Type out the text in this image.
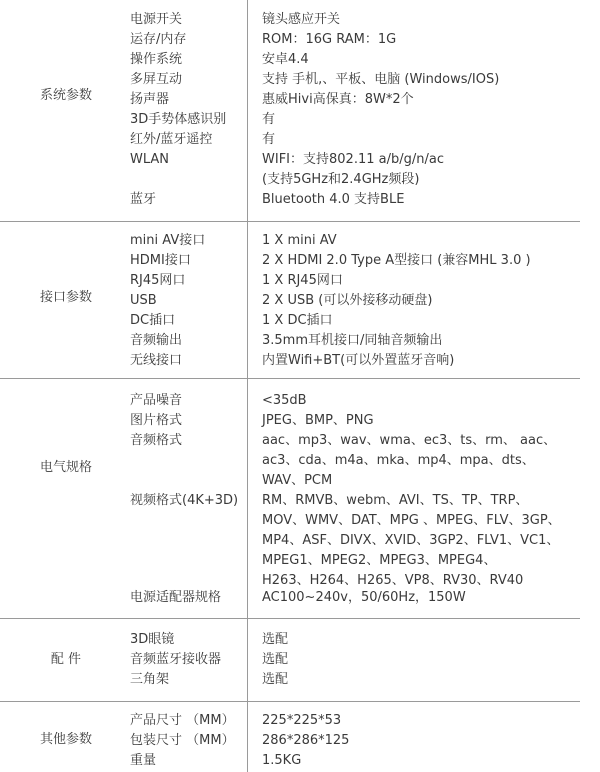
系统参数
电源开关	镜头感应开关
运存/内存	ROM：16G RAM：1G
操作系统	安卓4.4
多屏互动	支持 手机,、平板、电脑 (Windows/IOS)
扬声器	惠威Hivi高保真：8W*2个
3D手势体感识别	有
红外/蓝牙遥控	有
WLAN	WIFI：支持802.11 a/b/g/n/ac
(支持5GHz和2.4GHz频段)
蓝牙	Bluetooth 4.0 支持BLE
接口参数
mini AV接口	1 X mini AV
HDMI接口	2 X HDMI 2.0 Type A型接口 (兼容MHL 3.0 )
RJ45网口	1 X RJ45网口
USB	2 X USB (可以外接移动硬盘)
DC插口	1 X DC插口
音频输出	3.5mm耳机接口/同轴音频输出
无线接口	内置Wifi+BT(可以外置蓝牙音响)
电气规格
产品噪音	<35dB
图片格式	JPEG、BMP、PNG
音频格式	aac、mp3、wav、wma、ec3、ts、rm、 aac、
ac3、cda、m4a、mka、mp4、mpa、dts、
WAV、PCM
视频格式(4K+3D) RM、RMVB、webm、AVI、TS、TP、TRP、
MOV、WMV、DAT、MPG 、MPEG、FLV、3GP、
MP4、ASF、DIVX、XVID、3GP2、FLV1、VC1、
MPEG1、MPEG2、MPEG3、MPEG4、
H263、H264、H265、VP8、RV30、RV40
电源适配器规格	AC100~240v，50/60Hz，150W
配 件
3D眼镜	选配
音频蓝牙接收器	选配
三角架	选配
其他参数
产品尺寸 （MM） 225*225*53
包装尺寸 （MM） 286*286*125
重量	1.5KG
